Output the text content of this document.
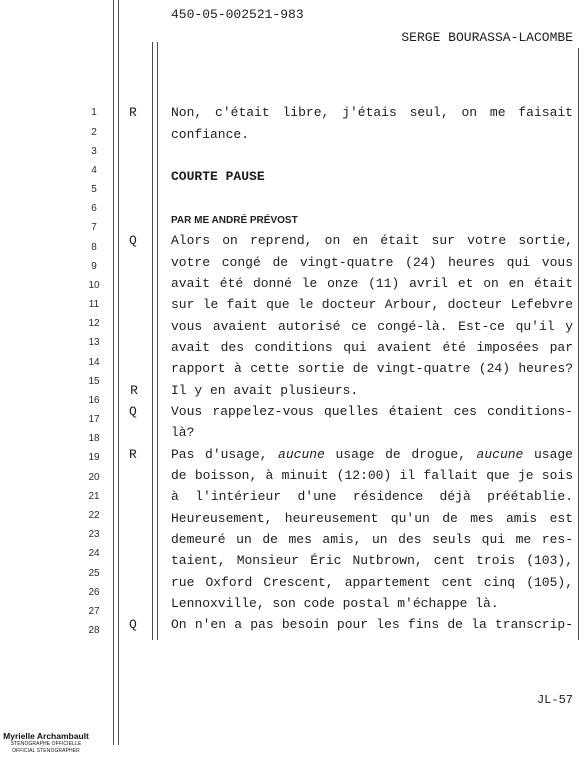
450-05-002521-983
SERGE BOURASSA-LACOMBE
1
2
3
4
5
6
7
8
9
10
11
12
13
14
15
16
17
18
19
20
21
22
23
24
25
26
27
28
R	Non, c'était libre, j'étais seul, on me faisait
confiance.
COURTE PAUSE
PAR ME ANDRÉ PRÉVOST
Q	Alors on reprend, on en était sur votre sortie,
votre congé de vingt-quatre (24) heures qui vous
avait été donné le onze (11) avril et on en était
sur le fait que le docteur Arbour, docteur Lefebvre
vous avaient autorisé ce congé-là. Est-ce qu'il y
avait des conditions qui avaient été imposées par
rapport à cette sortie de vingt-quatre (24) heures?
R	Il y en avait plusieurs.
Q	Vous rappelez-vous quelles étaient ces conditions-
là?
R	Pas d'usage, aucune usage de drogue, aucune usage
de boisson, à minuit (12:00) il fallait que je sois
à l'intérieur d'une résidence déjà préétablie.
Heureusement, heureusement qu'un de mes amis est
demeuré un de mes amis, un des seuls qui me res-
taient, Monsieur Éric Nutbrown, cent trois (103),
rue Oxford Crescent, appartement cent cinq (105),
Lennoxville, son code postal m'échappe là.
Q	On n'en a pas besoin pour les fins de la transcrip-
JL-57
Myrielle Archambault
STÉNOGRAPHE OFFICIELLE
OFFICIAL STENOGRAPHER
